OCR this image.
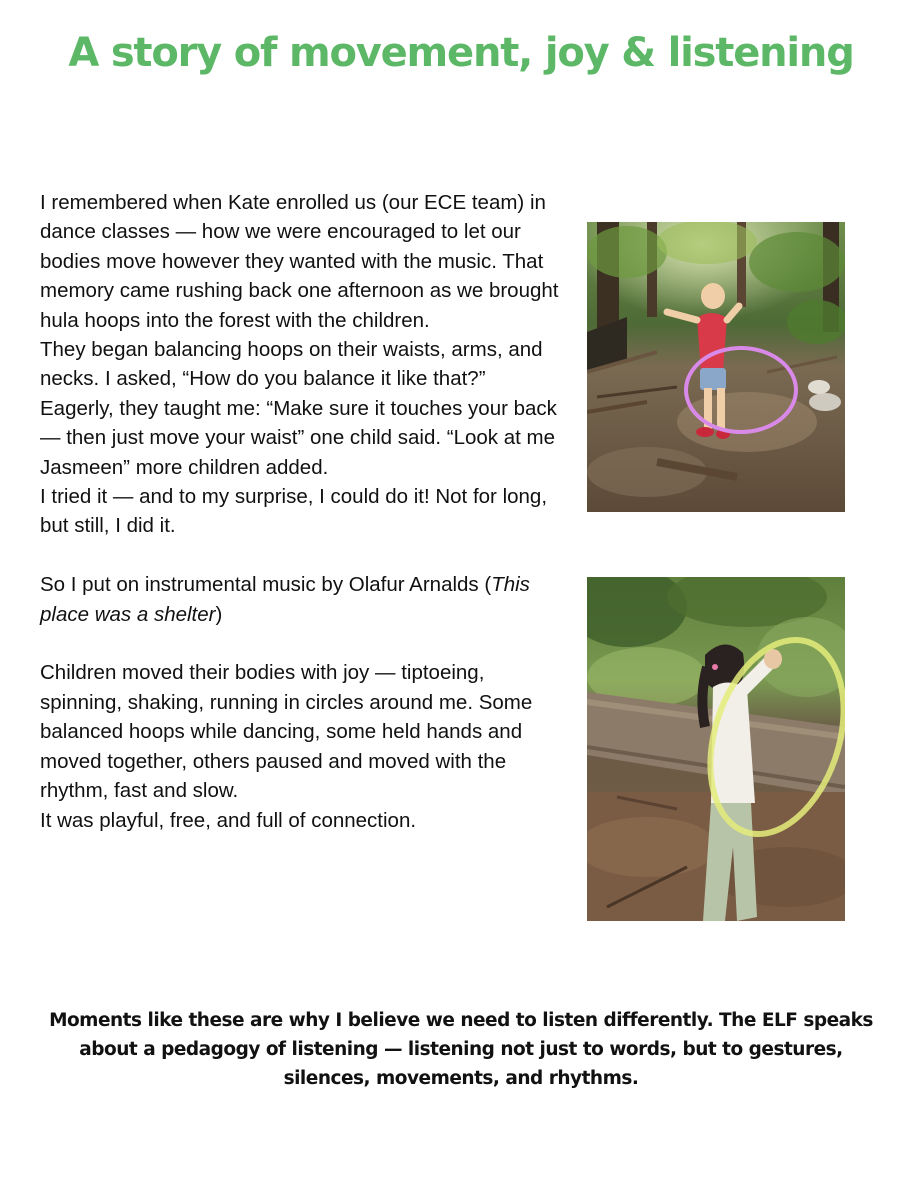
A story of movement, joy & listening

I remembered when Kate enrolled us (our ECE team) in dance classes — how we were encouraged to let our bodies move however they wanted with the music. That memory came rushing back one afternoon as we brought hula hoops into the forest with the children.

They began balancing hoops on their waists, arms, and necks. I asked, “How do you balance it like that?”

Eagerly, they taught me: “Make sure it touches your back — then just move your waist” one child said. “Look at me Jasmeen” more children added.

I tried it — and to my surprise, I could do it! Not for long, but still, I did it.

So I put on instrumental music by Olafur Arnalds (This place was a shelter)

Children moved their bodies with joy — tiptoeing, spinning, shaking, running in circles around me. Some balanced hoops while dancing, some held hands and moved together, others paused and moved with the rhythm, fast and slow.

It was playful, free, and full of connection.

Moments like these are why I believe we need to listen differently. The ELF speaks about a pedagogy of listening — listening not just to words, but to gestures, silences, movements, and rhythms.
